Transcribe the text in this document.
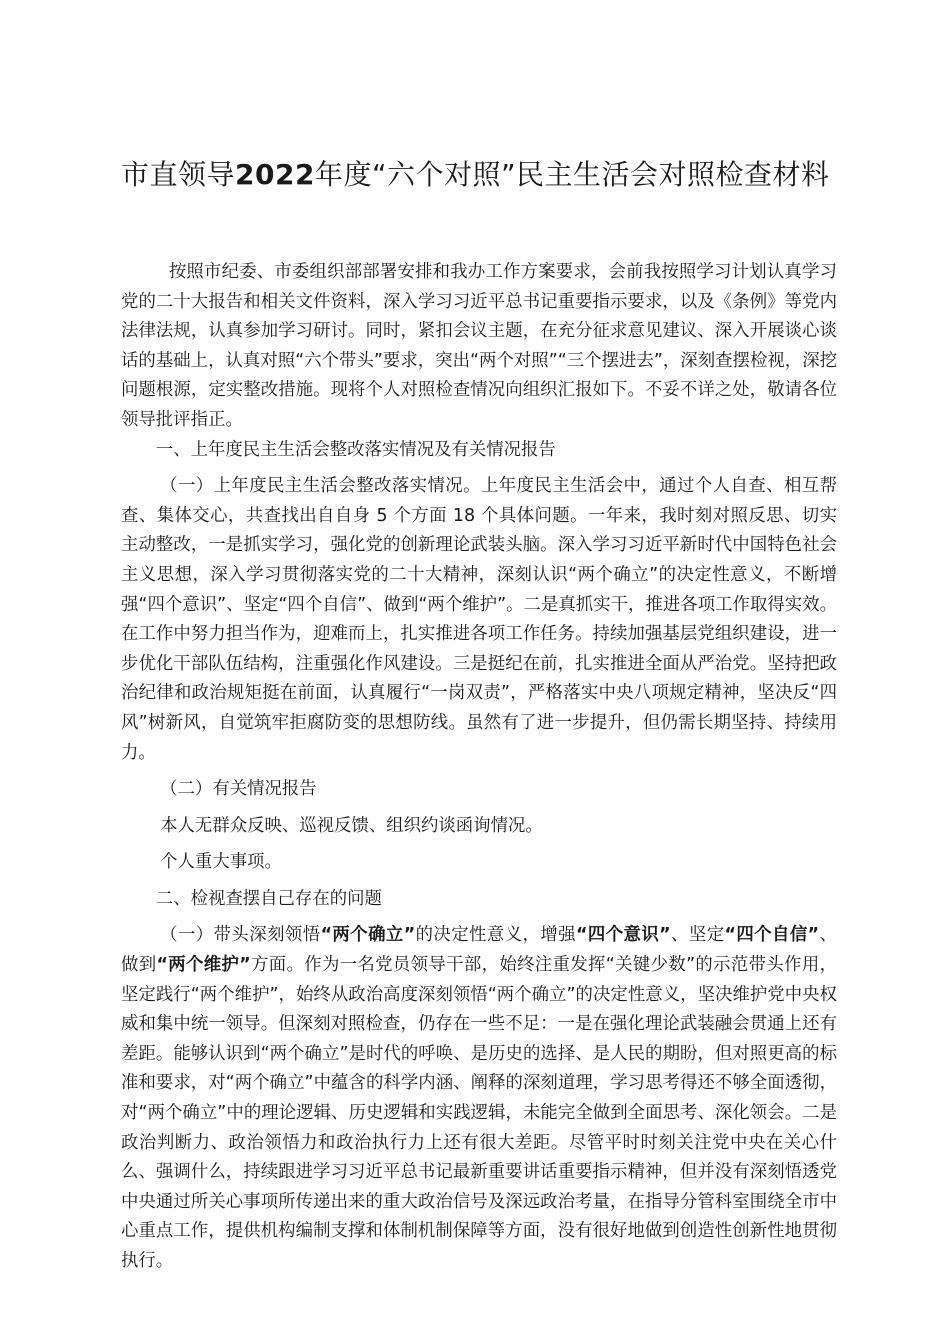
市直领导2022年度“六个对照”民主生活会对照检查材料

按照市纪委、市委组织部部署安排和我办工作方案要求，会前我按照学习计划认真学习党的二十大报告和相关文件资料，深入学习习近平总书记重要指示要求，以及《条例》等党内法律法规，认真参加学习研讨。同时，紧扣会议主题，在充分征求意见建议、深入开展谈心谈话的基础上，认真对照“六个带头”要求，突出“两个对照”“三个摆进去”，深刻查摆检视，深挖问题根源，定实整改措施。现将个人对照检查情况向组织汇报如下。不妥不详之处，敬请各位领导批评指正。

一、上年度民主生活会整改落实情况及有关情况报告

（一）上年度民主生活会整改落实情况。上年度民主生活会中，通过个人自查、相互帮查、集体交心，共查找出自自身 5 个方面 18 个具体问题。一年来，我时刻对照反思、切实主动整改，一是抓实学习，强化党的创新理论武装头脑。深入学习习近平新时代中国特色社会主义思想，深入学习贯彻落实党的二十大精神，深刻认识“两个确立”的决定性意义，不断增强“四个意识”、坚定“四个自信”、做到“两个维护”。二是真抓实干，推进各项工作取得实效。在工作中努力担当作为，迎难而上，扎实推进各项工作任务。持续加强基层党组织建设，进一步优化干部队伍结构，注重强化作风建设。三是挺纪在前，扎实推进全面从严治党。坚持把政治纪律和政治规矩挺在前面，认真履行“一岗双责”，严格落实中央八项规定精神，坚决反“四风”树新风，自觉筑牢拒腐防变的思想防线。虽然有了进一步提升，但仍需长期坚持、持续用力。

（二）有关情况报告

本人无群众反映、巡视反馈、组织约谈函询情况。

个人重大事项。

二、检视查摆自己存在的问题

（一）带头深刻领悟“两个确立”的决定性意义，增强“四个意识”、坚定“四个自信”、做到“两个维护”方面。作为一名党员领导干部，始终注重发挥“关键少数”的示范带头作用，坚定践行“两个维护”，始终从政治高度深刻领悟“两个确立”的决定性意义，坚决维护党中央权威和集中统一领导。但深刻对照检查，仍存在一些不足：一是在强化理论武装融会贯通上还有差距。能够认识到“两个确立”是时代的呼唤、是历史的选择、是人民的期盼，但对照更高的标准和要求，对“两个确立”中蕴含的科学内涵、阐释的深刻道理，学习思考得还不够全面透彻，对“两个确立”中的理论逻辑、历史逻辑和实践逻辑，未能完全做到全面思考、深化领会。二是政治判断力、政治领悟力和政治执行力上还有很大差距。尽管平时时刻关注党中央在关心什么、强调什么，持续跟进学习习近平总书记最新重要讲话重要指示精神，但并没有深刻悟透党中央通过所关心事项所传递出来的重大政治信号及深远政治考量，在指导分管科室围绕全市中心重点工作，提供机构编制支撑和体制机制保障等方面，没有很好地做到创造性创新性地贯彻执行。
